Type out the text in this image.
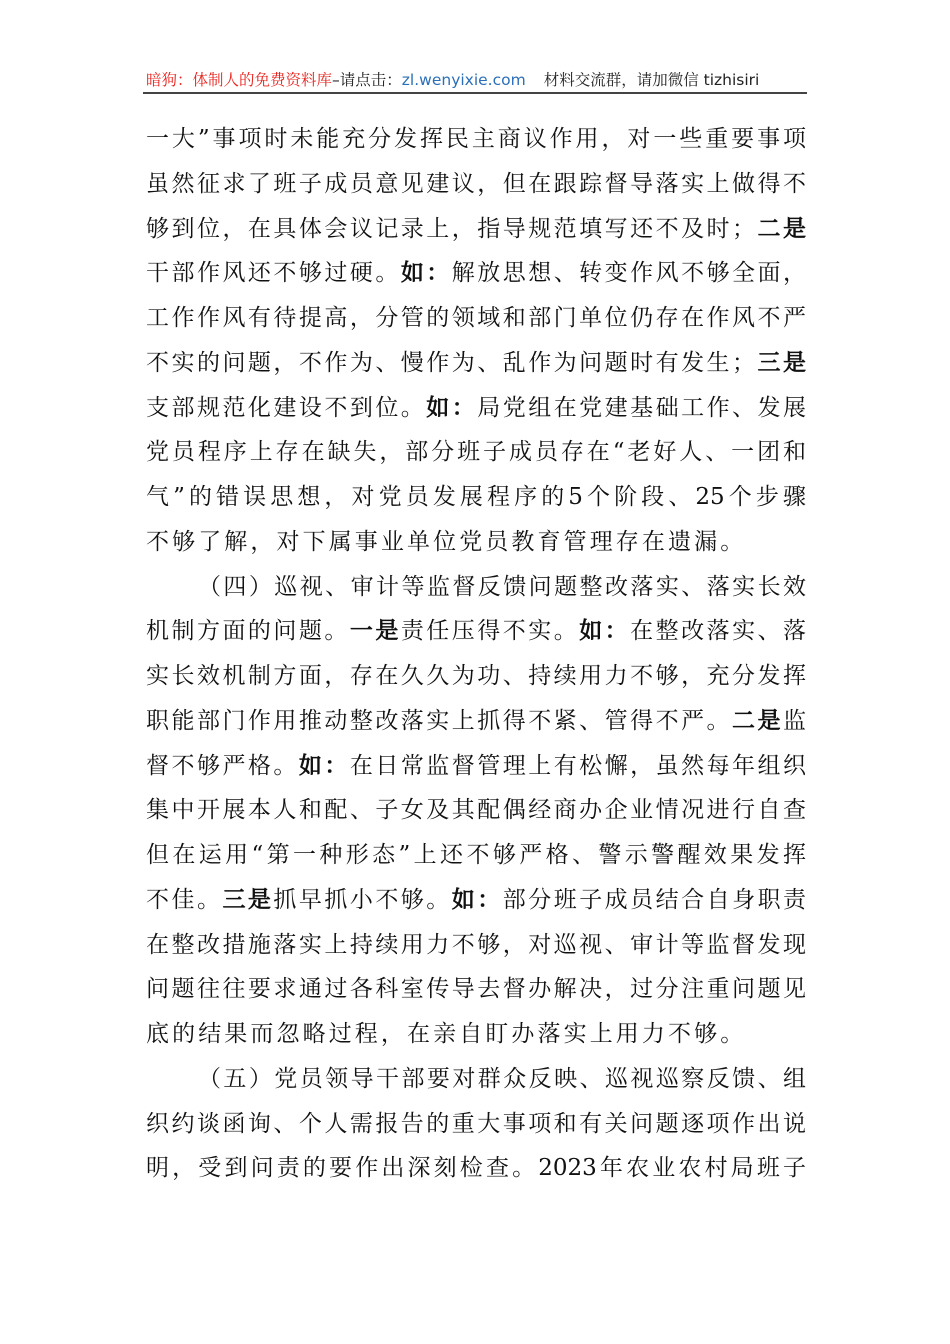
暗狗：体制人的免费资料库 –请点击： zl.wenyixie.com 材料交流群，请加微信 tizhisiri
一大”事项时未能充分发挥民主商议作用，对一些重要事项
虽然征求了班子成员意见建议，但在跟踪督导落实上做得不
够到位，在具体会议记录上，指导规范填写还不及时；二是
干部作风还不够过硬。如：解放思想、转变作风不够全面，
工作作风有待提高，分管的领域和部门单位仍存在作风不严
不实的问题，不作为、慢作为、乱作为问题时有发生；三是
支部规范化建设不到位。如：局党组在党建基础工作、发展
党员程序上存在缺失，部分班子成员存在“老好人、一团和
气”的错误思想，对党员发展程序的5个阶段、25个步骤
不够了解，对下属事业单位党员教育管理存在遗漏。
（四）巡视、审计等监督反馈问题整改落实、落实长效
机制方面的问题。一是责任压得不实。如：在整改落实、落
实长效机制方面，存在久久为功、持续用力不够，充分发挥
职能部门作用推动整改落实上抓得不紧、管得不严。二是监
督不够严格。如：在日常监督管理上有松懈，虽然每年组织
集中开展本人和配、子女及其配偶经商办企业情况进行自查
但在运用“第一种形态”上还不够严格、警示警醒效果发挥
不佳。三是抓早抓小不够。如：部分班子成员结合自身职责
在整改措施落实上持续用力不够，对巡视、审计等监督发现
问题往往要求通过各科室传导去督办解决，过分注重问题见
底的结果而忽略过程，在亲自盯办落实上用力不够。
（五）党员领导干部要对群众反映、巡视巡察反馈、组
织约谈函询、个人需报告的重大事项和有关问题逐项作出说
明，受到问责的要作出深刻检查。2023年农业农村局班子
